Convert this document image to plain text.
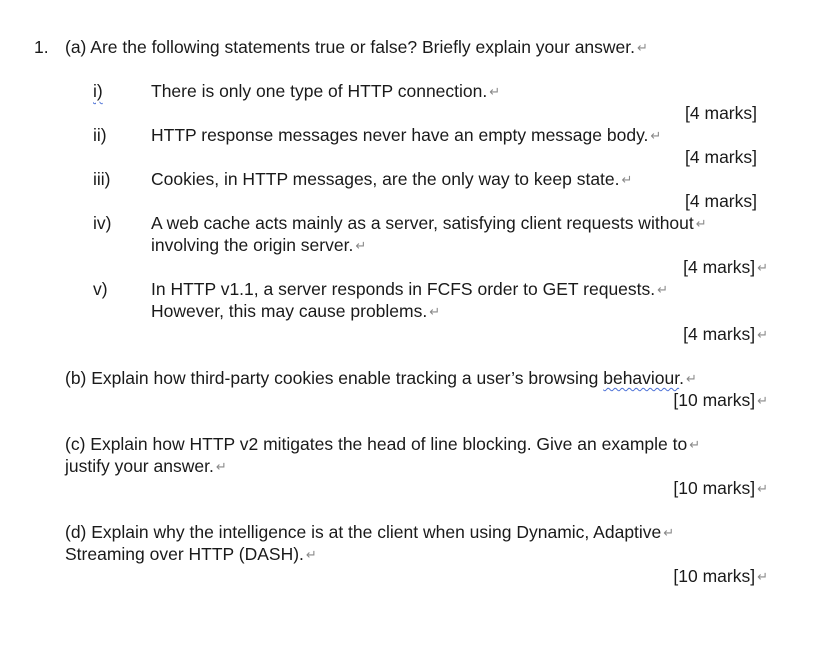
1. (a) Are the following statements true or false? Briefly explain your answer. ↵
i)	There is only one type of HTTP connection. ↵
[4 marks]
ii)	HTTP response messages never have an empty message body. ↵
[4 marks]
iii) Cookies, in HTTP messages, are the only way to keep state. ↵
[4 marks]
iv) A web cache acts mainly as a server, satisfying client requests without ↵
involving the origin server. ↵
[4 marks] ↵
v) In HTTP v1.1, a server responds in FCFS order to GET requests. ↵
However, this may cause problems. ↵
[4 marks] ↵
(b) Explain how third-party cookies enable tracking a user’s browsing behaviour. ↵
[10 marks] ↵
(c) Explain how HTTP v2 mitigates the head of line blocking. Give an example to ↵
justify your answer. ↵
[10 marks] ↵
(d) Explain why the intelligence is at the client when using Dynamic, Adaptive ↵
Streaming over HTTP (DASH). ↵
[10 marks] ↵
